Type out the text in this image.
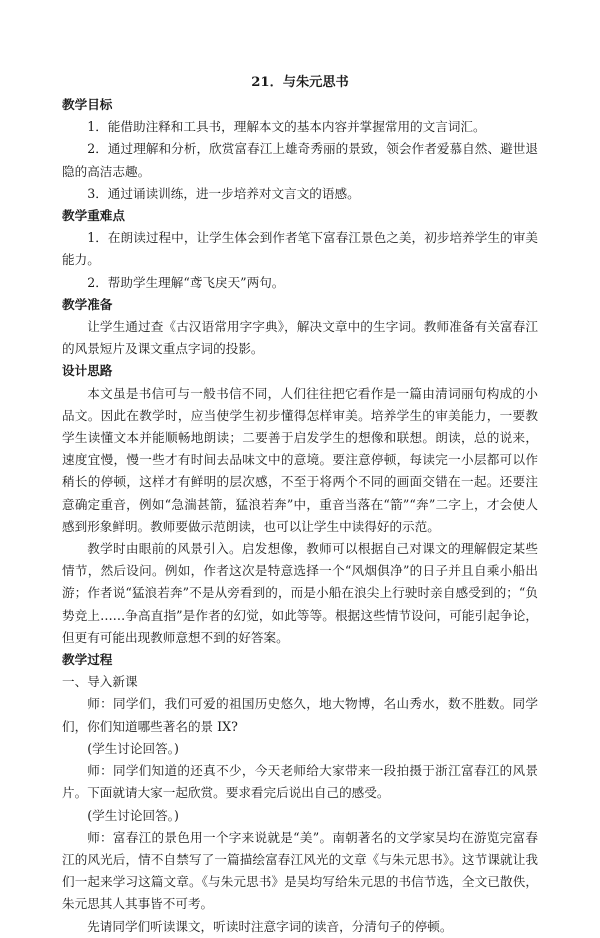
21．与朱元思书

教学目标

1．能借助注释和工具书，理解本文的基本内容并掌握常用的文言词汇。

2．通过理解和分析，欣赏富春江上雄奇秀丽的景致，领会作者爱慕自然、避世退隐的高洁志趣。

3．通过诵读训练，进一步培养对文言文的语感。

教学重难点

1．在朗读过程中，让学生体会到作者笔下富春江景色之美，初步培养学生的审美能力。

2．帮助学生理解“鸢飞戾天”两句。

教学准备

让学生通过查《古汉语常用字字典》，解决文章中的生字词。教师准备有关富春江的风景短片及课文重点字词的投影。

设计思路

本文虽是书信可与一般书信不同，人们往往把它看作是一篇由清词丽句构成的小品文。因此在教学时，应当使学生初步懂得怎样审美。培养学生的审美能力，一要教学生读懂文本并能顺畅地朗读；二要善于启发学生的想像和联想。朗读，总的说来，速度宜慢，慢一些才有时间去品味文中的意境。要注意停顿，每读完一小层都可以作稍长的停顿，这样才有鲜明的层次感，不至于将两个不同的画面交错在一起。还要注意确定重音，例如“急湍甚箭，猛浪若奔”中，重音当落在“箭”“奔”二字上，才会使人感到形象鲜明。教师要做示范朗读，也可以让学生中读得好的示范。

教学时由眼前的风景引入。启发想像，教师可以根据自己对课文的理解假定某些情节，然后设问。例如，作者这次是特意选择一个“风烟俱净”的日子并且自乘小船出游；作者说“猛浪若奔”不是从旁看到的，而是小船在浪尖上行驶时亲自感受到的；“负势竞上……争高直指”是作者的幻觉，如此等等。根据这些情节设问，可能引起争论，但更有可能出现教师意想不到的好答案。

教学过程

一、导入新课

师：同学们，我们可爱的祖国历史悠久，地大物博，名山秀水，数不胜数。同学们，你们知道哪些著名的景 IX?

(学生讨论回答。)

师：同学们知道的还真不少，今天老师给大家带来一段拍摄于浙江富春江的风景片。下面就请大家一起欣赏。要求看完后说出自己的感受。

(学生讨论回答。)

师：富春江的景色用一个字来说就是“美”。南朝著名的文学家吴均在游览完富春江的风光后，情不自禁写了一篇描绘富春江风光的文章《与朱元思书》。这节课就让我们一起来学习这篇文章。《与朱元思书》是吴均写给朱元思的书信节选，全文已散佚，朱元思其人其事皆不可考。

先请同学们听读课文，听读时注意字词的读音，分清句子的停顿。
